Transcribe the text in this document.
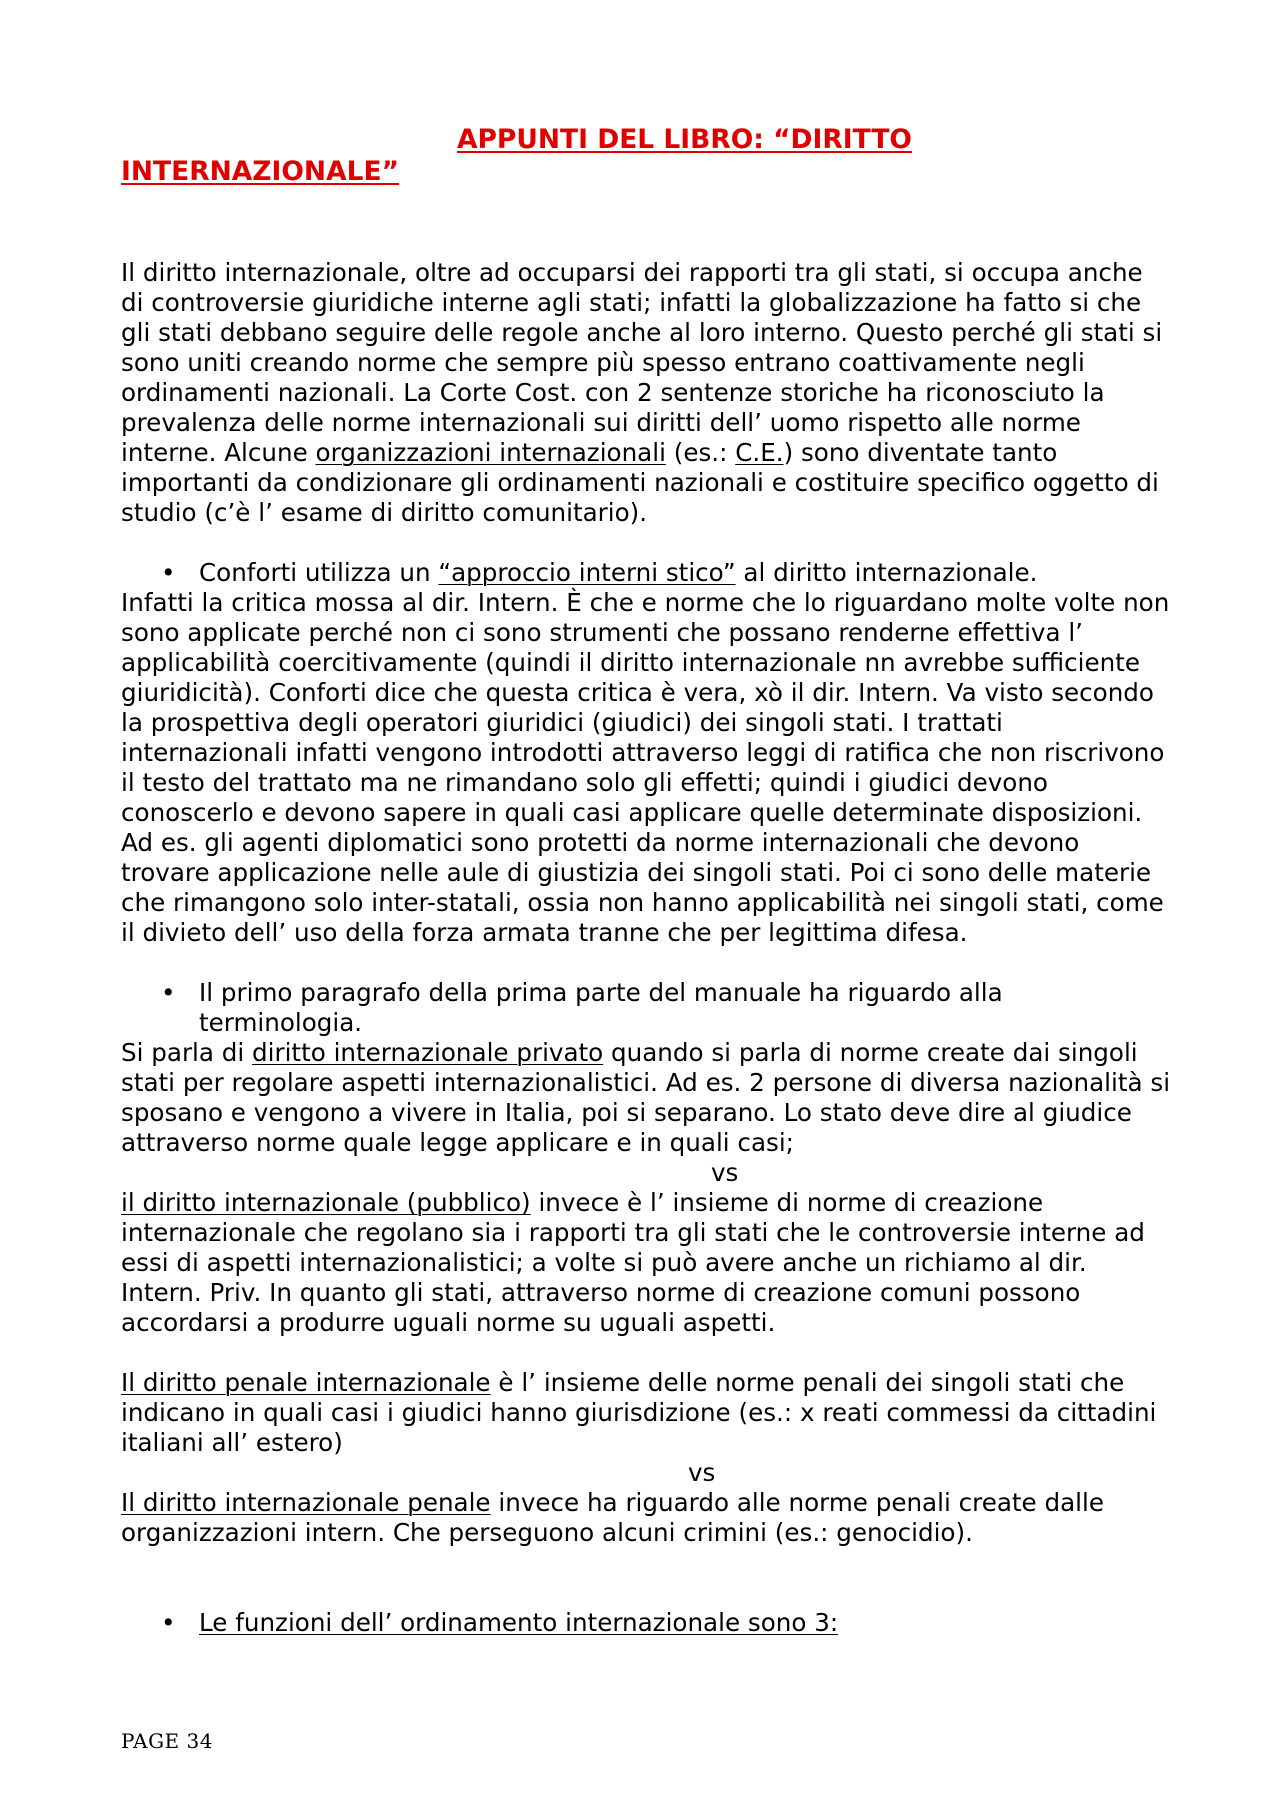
APPUNTI DEL LIBRO: “DIRITTO
INTERNAZIONALE”

Il diritto internazionale, oltre ad occuparsi dei rapporti tra gli stati, si occupa anche di controversie giuridiche interne agli stati; infatti la globalizzazione ha fatto si che gli stati debbano seguire delle regole anche al loro interno. Questo perché gli stati si sono uniti creando norme che sempre più spesso entrano coattivamente negli ordinamenti nazionali. La Corte Cost. con 2 sentenze storiche ha riconosciuto la prevalenza delle norme internazionali sui diritti dell’ uomo rispetto alle norme interne. Alcune organizzazioni internazionali (es.: C.E.) sono diventate tanto importanti da condizionare gli ordinamenti nazionali e costituire specifico oggetto di studio (c’è l’ esame di diritto comunitario).

• Conforti utilizza un “approccio interni stico” al diritto internazionale.

Infatti la critica mossa al dir. Intern. È che e norme che lo riguardano molte volte non sono applicate perché non ci sono strumenti che possano renderne effettiva l’ applicabilità coercitivamente (quindi il diritto internazionale nn avrebbe sufficiente giuridicità). Conforti dice che questa critica è vera, xò il dir. Intern. Va visto secondo la prospettiva degli operatori giuridici (giudici) dei singoli stati. I trattati internazionali infatti vengono introdotti attraverso leggi di ratifica che non riscrivono il testo del trattato ma ne rimandano solo gli effetti; quindi i giudici devono conoscerlo e devono sapere in quali casi applicare quelle determinate disposizioni. Ad es. gli agenti diplomatici sono protetti da norme internazionali che devono trovare applicazione nelle aule di giustizia dei singoli stati. Poi ci sono delle materie che rimangono solo inter-statali, ossia non hanno applicabilità nei singoli stati, come il divieto dell’ uso della forza armata tranne che per legittima difesa.

• Il primo paragrafo della prima parte del manuale ha riguardo alla terminologia.

Si parla di diritto internazionale privato quando si parla di norme create dai singoli stati per regolare aspetti internazionalistici. Ad es. 2 persone di diversa nazionalità si sposano e vengono a vivere in Italia, poi si separano. Lo stato deve dire al giudice attraverso norme quale legge applicare e in quali casi;

vs

il diritto internazionale (pubblico) invece è l’ insieme di norme di creazione internazionale che regolano sia i rapporti tra gli stati che le controversie interne ad essi di aspetti internazionalistici; a volte si può avere anche un richiamo al dir. Intern. Priv. In quanto gli stati, attraverso norme di creazione comuni possono accordarsi a produrre uguali norme su uguali aspetti.

Il diritto penale internazionale è l’ insieme delle norme penali dei singoli stati che indicano in quali casi i giudici hanno giurisdizione (es.: x reati commessi da cittadini italiani all’ estero)

vs

Il diritto internazionale penale invece ha riguardo alle norme penali create dalle organizzazioni intern. Che perseguono alcuni crimini (es.: genocidio).

• Le funzioni dell’ ordinamento internazionale sono 3:
PAGE 34
